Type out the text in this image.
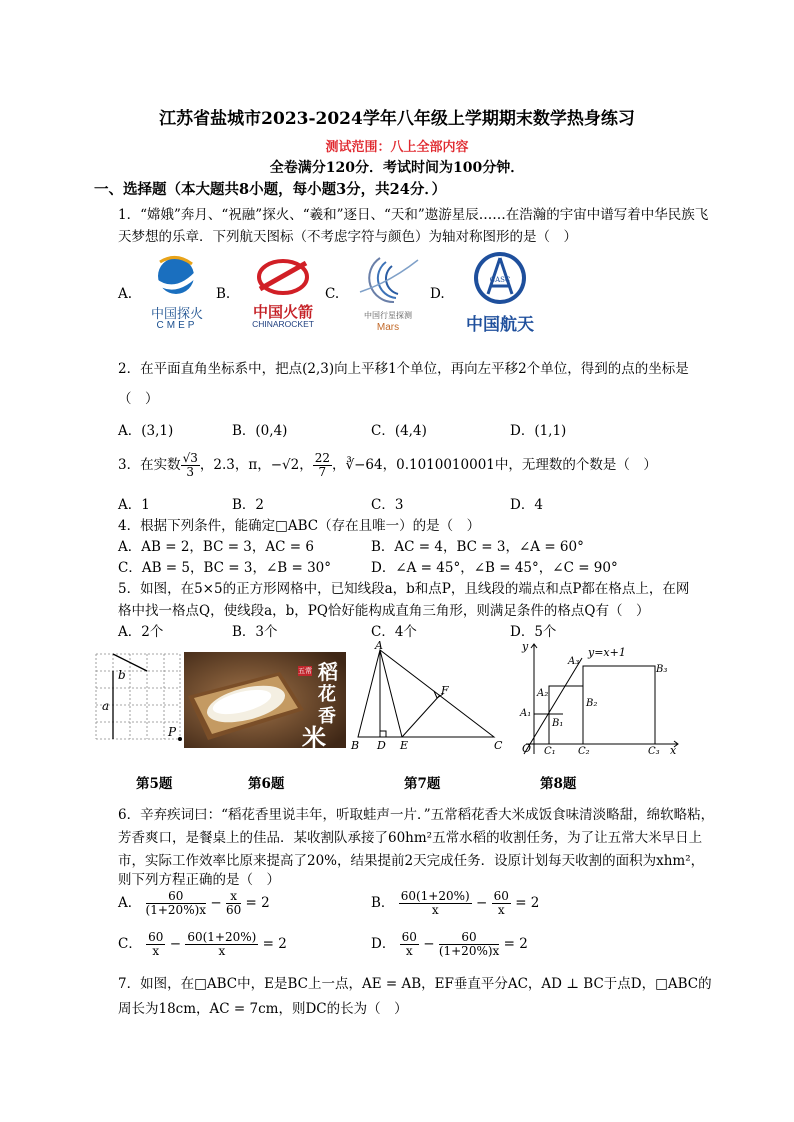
江苏省盐城市2023-2024学年八年级上学期期末数学热身练习
测试范围：八上全部内容
全卷满分120分．考试时间为100分钟．
一、选择题（本大题共8小题，每小题3分，共24分．）
1．“嫦娥”奔月、“祝融”探火、“羲和”逐日、“天和”遨游星辰……在浩瀚的宇宙中谱写着中华民族飞
天梦想的乐章．下列航天图标（不考虑字符与颜色）为轴对称图形的是（　）
A.	B.	C.	D.
中国探火
CMEP
中国火箭
CHINAROCKET
中国行星探测
Mars
CASC
中国航天
2．在平面直角坐标系中，把点(2,3)向上平移1个单位，再向左平移2个单位，得到的点的坐标是
（　）
A．(3,1)	B．(0,4)	C．(4,4)	D．(1,1)
3．在实数 $\frac{√3}{3}$ ，2.3̇，π，−√2， $\frac{22}{7}$ ，∛−64，0.1010010001中，无理数的个数是（　）
A．1	B．2	C．3	D．4
4．根据下列条件，能确定□ABC（存在且唯一）的是（　）
A．AB = 2，BC = 3，AC = 6	B．AC = 4，BC = 3，∠A = 60°
C．AB = 5，BC = 3，∠B = 30°	D．∠A = 45°，∠B = 45°，∠C = 90°
5．如图，在5×5的正方形网格中，已知线段a，b和点P，且线段的端点和点P都在格点上，在网
格中找一格点Q，使线段a，b，PQ恰好能构成直角三角形，则满足条件的格点Q有（　）
A．2个	B．3个	C．4个	D．5个
b
a
P
稻
花
香
米
五常
A
F
B D E	C
y	y=x+1
A₃
B₃
A₂
B₂
A₁
B₁
O C₁ C₂	C₃ x
第5题	第6题	第7题	第8题
6．辛弃疾词曰：“稻花香里说丰年，听取蛙声一片．”五常稻花香大米成饭食味清淡略甜，绵软略粘，
芳香爽口，是餐桌上的佳品．某收割队承接了60hm²五常水稻的收割任务，为了让五常大米早日上
市，实际工作效率比原来提高了20%，结果提前2天完成任务．设原计划每天收割的面积为xhm²，
则下列方程正确的是（　）
A． $\frac{60}{(1+20\%)x} - \frac{x}{60} = 2$	B． $\frac{60(1+20\%)}{x} - \frac{60}{x} = 2$
C． $\frac{60}{x} - \frac{60(1+20\%)}{x} = 2$	D． $\frac{60}{x} - \frac{60}{(1+20\%)x} = 2$
7．如图，在□ABC中，E是BC上一点，AE = AB，EF垂直平分AC，AD ⊥ BC于点D，□ABC的
周长为18cm，AC = 7cm，则DC的长为（　）
